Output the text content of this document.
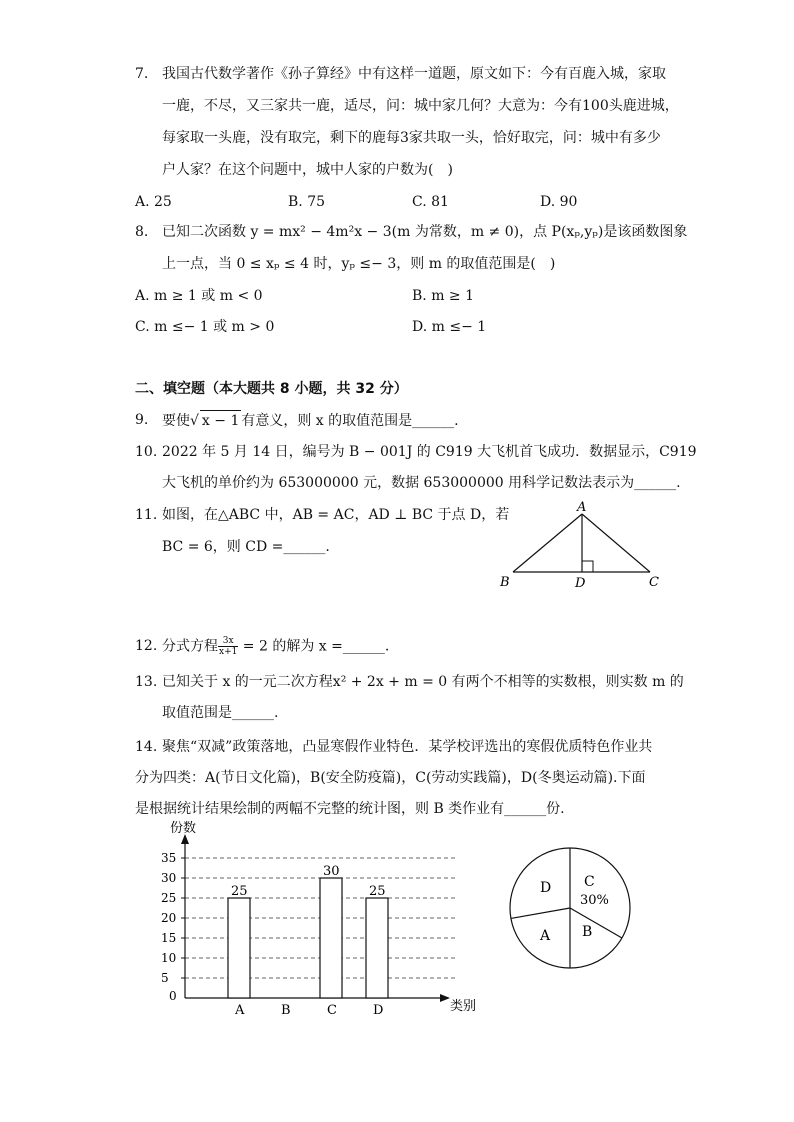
7. 我国古代数学著作《孙子算经》中有这样一道题，原文如下：今有百鹿入城，家取
一鹿，不尽，又三家共一鹿，适尽，问：城中家几何？大意为：今有100头鹿进城，
每家取一头鹿，没有取完，剩下的鹿每3家共取一头，恰好取完，问：城中有多少
户人家？在这个问题中，城中人家的户数为(　)
A. 25	B. 75	C. 81	D. 90
8. 已知二次函数 y = mx² − 4m²x − 3(m 为常数，m ≠ 0)，点 P(xₚ,yₚ)是该函数图象
上一点，当 0 ≤ xₚ ≤ 4 时，yₚ ≤− 3，则 m 的取值范围是(　)
A. m ≥ 1 或 m < 0	B. m ≥ 1
C. m ≤− 1 或 m > 0	D. m ≤− 1
二、填空题（本大题共 8 小题，共 32 分）
9. 要使√ x − 1 有意义，则 x 的取值范围是______.
10. 2022 年 5 月 14 日，编号为 B − 001J 的 C919 大飞机首飞成功．数据显示，C919
大飞机的单价约为 653000000 元，数据 653000000 用科学记数法表示为______.
11. 如图，在△ABC 中，AB = AC，AD ⊥ BC 于点 D，若
BC = 6，则 CD =______.
A
B	D	C
12. 分式方程 $\frac{3x}{x+1} = 2$ 的解为 x =______.
13. 已知关于 x 的一元二次方程x² + 2x + m = 0 有两个不相等的实数根，则实数 m 的
取值范围是______.
14. 聚焦“双减”政策落地，凸显寒假作业特色．某学校评选出的寒假优质特色作业共
分为四类：A(节日文化篇)，B(安全防疫篇)，C(劳动实践篇)，D(冬奥运动篇).下面
是根据统计结果绘制的两幅不完整的统计图，则 B 类作业有______份.
份数
类别
0
5
10
15
20
25
30
35
A
25
B	C
30
D
25
C
30%
B
A
D
